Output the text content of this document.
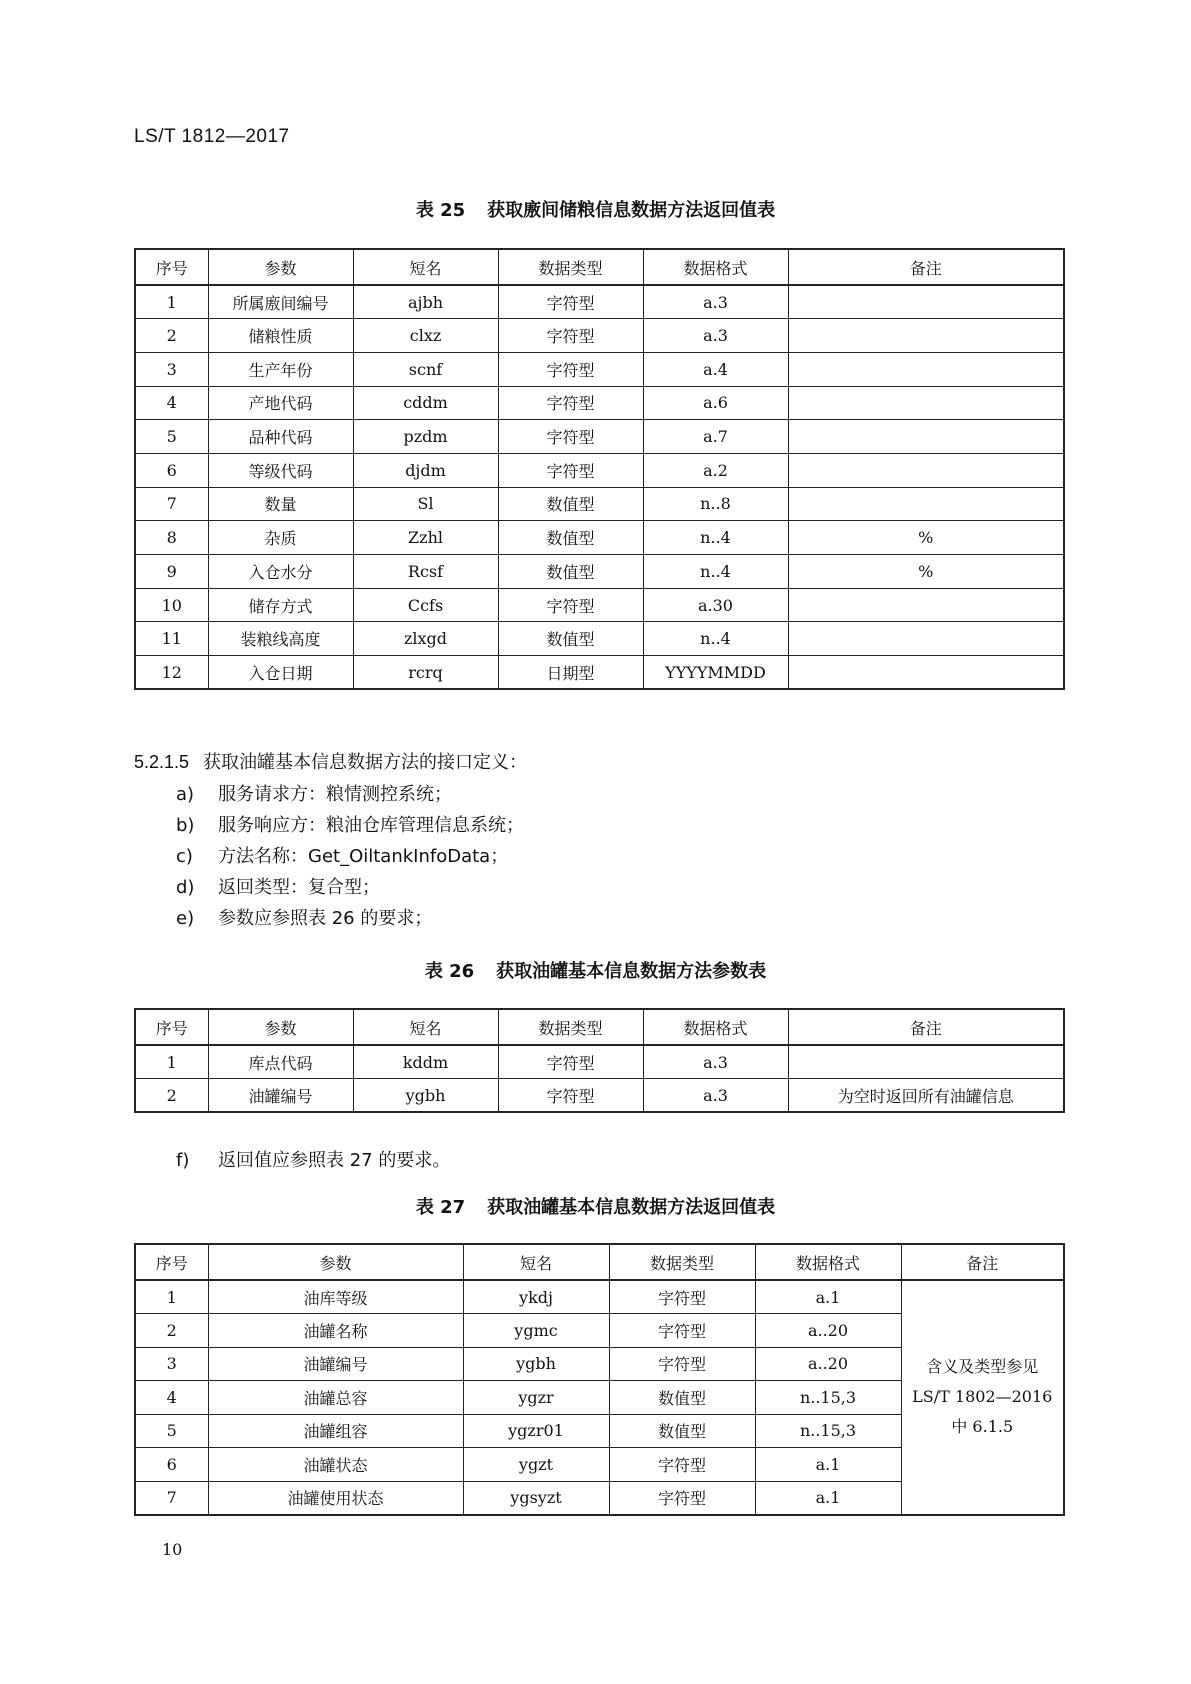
LS/T 1812—2017
表 25 获取廒间储粮信息数据方法返回值表
序号	参数	短名	数据类型	数据格式	备注
1	所属廒间编号	ajbh	字符型	a.3	
2	储粮性质	clxz	字符型	a.3	
3	生产年份	scnf	字符型	a.4	
4	产地代码	cddm	字符型	a.6	
5	品种代码	pzdm	字符型	a.7	
6	等级代码	djdm	字符型	a.2	
7	数量	Sl	数值型	n..8	
8	杂质	Zzhl	数值型	n..4	%
9	入仓水分	Rcsf	数值型	n..4	%
10	储存方式	Ccfs	字符型	a.30	
11	装粮线高度	zlxgd	数值型	n..4	
12	入仓日期	rcrq	日期型	YYYYMMDD	
5.2.1.5 获取油罐基本信息数据方法的接口定义：
a) 服务请求方：粮情测控系统；
b) 服务响应方：粮油仓库管理信息系统；
c) 方法名称：Get_OiltankInfoData；
d) 返回类型：复合型；
e) 参数应参照表 26 的要求；
表 26 获取油罐基本信息数据方法参数表
序号	参数	短名	数据类型	数据格式	备注
1	库点代码	kddm	字符型	a.3	
2	油罐编号	ygbh	字符型	a.3	为空时返回所有油罐信息
f) 返回值应参照表 27 的要求。
表 27 获取油罐基本信息数据方法返回值表
序号	参数	短名	数据类型	数据格式	备注
1	油库等级	ykdj	字符型	a.1	含义及类型参见
LS/T 1802—2016
中 6.1.5

2	油罐名称	ygmc	字符型	a..20	
3	油罐编号	ygbh	字符型	a..20	
4	油罐总容	ygzr	数值型	n..15,3	
5	油罐组容	ygzr01	数值型	n..15,3	
6	油罐状态	ygzt	字符型	a.1	
7	油罐使用状态	ygsyzt	字符型	a.1	
10
